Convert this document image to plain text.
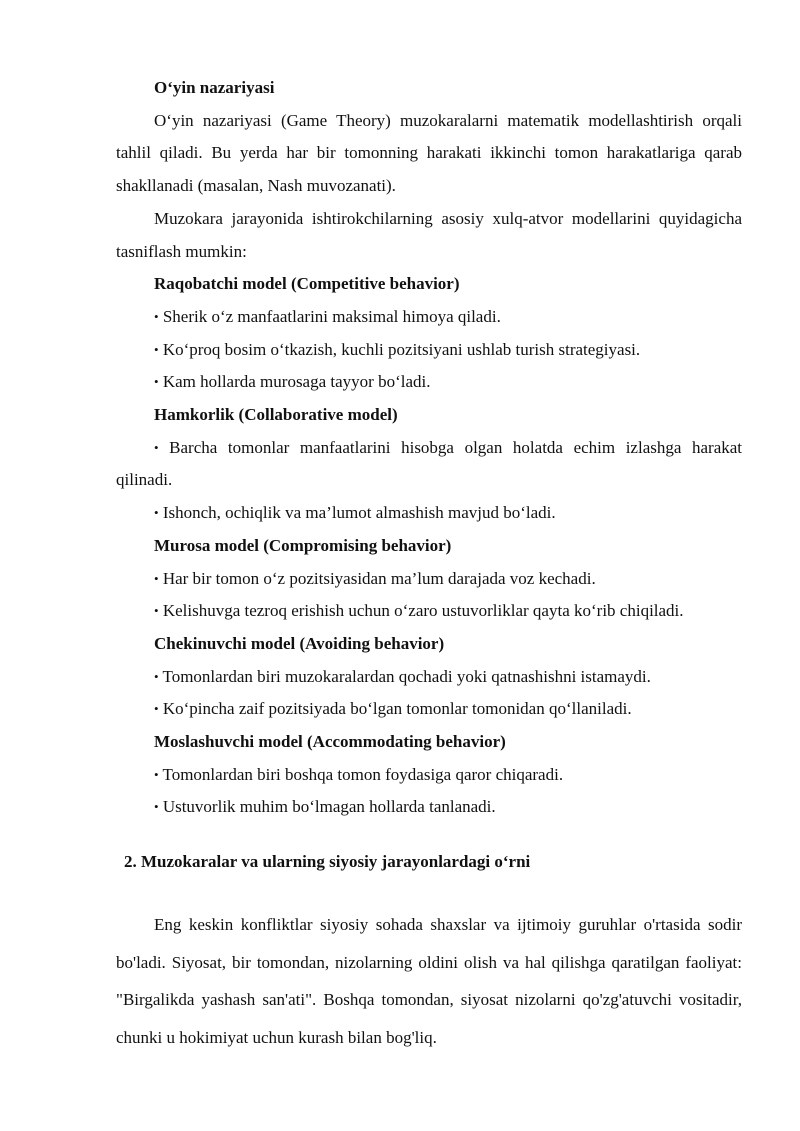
O‘yin nazariyasi

O‘yin nazariyasi (Game Theory) muzokaralarni matematik modellashtirish orqali tahlil qiladi. Bu yerda har bir tomonning harakati ikkinchi tomon harakatlariga qarab shakllanadi (masalan, Nash muvozanati).

Muzokara jarayonida ishtirokchilarning asosiy xulq-atvor modellarini quyidagicha tasniflash mumkin:

Raqobatchi model (Competitive behavior)

• Sherik o‘z manfaatlarini maksimal himoya qiladi.

• Ko‘proq bosim o‘tkazish, kuchli pozitsiyani ushlab turish strategiyasi.

• Kam hollarda murosaga tayyor bo‘ladi.

Hamkorlik (Collaborative model)

• Barcha tomonlar manfaatlarini hisobga olgan holatda echim izlashga harakat qilinadi.

• Ishonch, ochiqlik va ma’lumot almashish mavjud bo‘ladi.

Murosa model (Compromising behavior)

• Har bir tomon o‘z pozitsiyasidan ma’lum darajada voz kechadi.

• Kelishuvga tezroq erishish uchun o‘zaro ustuvorliklar qayta ko‘rib chiqiladi.

Chekinuvchi model (Avoiding behavior)

• Tomonlardan biri muzokaralardan qochadi yoki qatnashishni istamaydi.

• Ko‘pincha zaif pozitsiyada bo‘lgan tomonlar tomonidan qo‘llaniladi.

Moslashuvchi model (Accommodating behavior)

• Tomonlardan biri boshqa tomon foydasiga qaror chiqaradi.

• Ustuvorlik muhim bo‘lmagan hollarda tanlanadi.

2. Muzokaralar va ularning siyosiy jarayonlardagi o‘rni

Eng keskin konfliktlar siyosiy sohada shaxslar va ijtimoiy guruhlar o'rtasida sodir bo'ladi. Siyosat, bir tomondan, nizolarning oldini olish va hal qilishga qaratilgan faoliyat: "Birgalikda yashash san'ati". Boshqa tomondan, siyosat nizolarni qo'zg'atuvchi vositadir, chunki u hokimiyat uchun kurash bilan bog'liq.
